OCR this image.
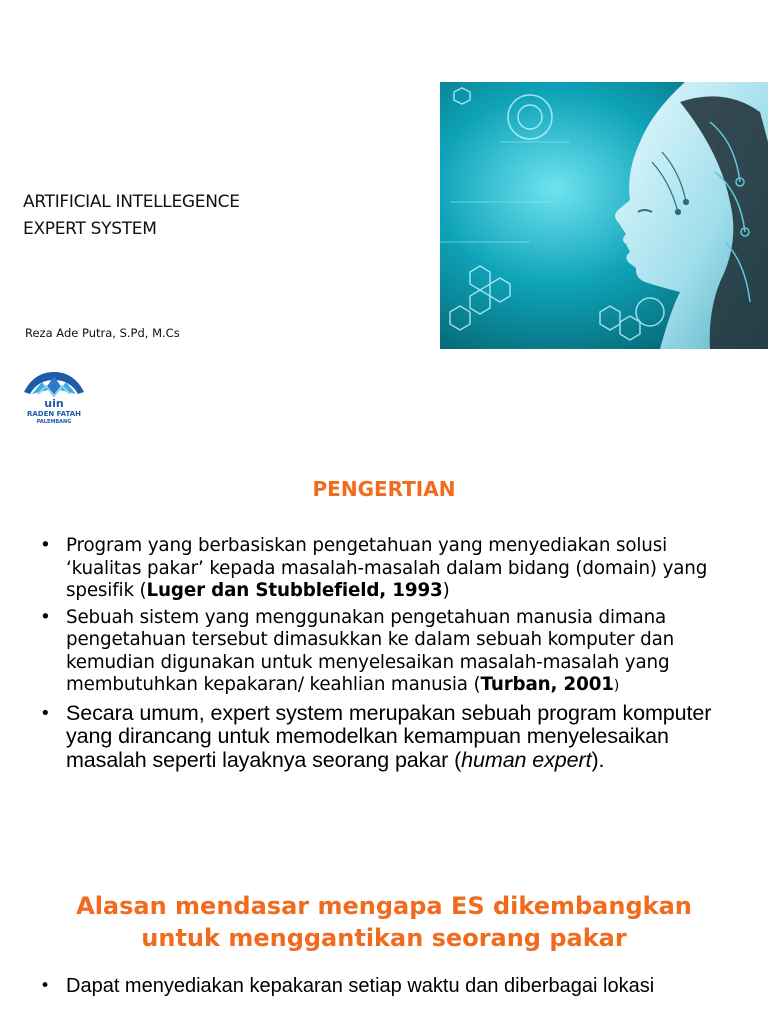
ARTIFICIAL INTELLEGENCE
EXPERT SYSTEM
Reza Ade Putra, S.Pd, M.Cs
uin
RADEN FATAH
PALEMBANG
PENGERTIAN
• Program yang berbasiskan pengetahuan yang menyediakan solusi ‘kualitas pakar’ kepada masalah-masalah dalam bidang (domain) yang spesifik (Luger dan Stubblefield, 1993)
• Sebuah sistem yang menggunakan pengetahuan manusia dimana pengetahuan tersebut dimasukkan ke dalam sebuah komputer dan kemudian digunakan untuk menyelesaikan masalah-masalah yang membutuhkan kepakaran/ keahlian manusia (Turban, 2001)
• Secara umum, expert system merupakan sebuah program komputer yang dirancang untuk memodelkan kemampuan menyelesaikan masalah seperti layaknya seorang pakar (human expert).
Alasan mendasar mengapa ES dikembangkan
untuk menggantikan seorang pakar
• Dapat menyediakan kepakaran setiap waktu dan diberbagai lokasi
